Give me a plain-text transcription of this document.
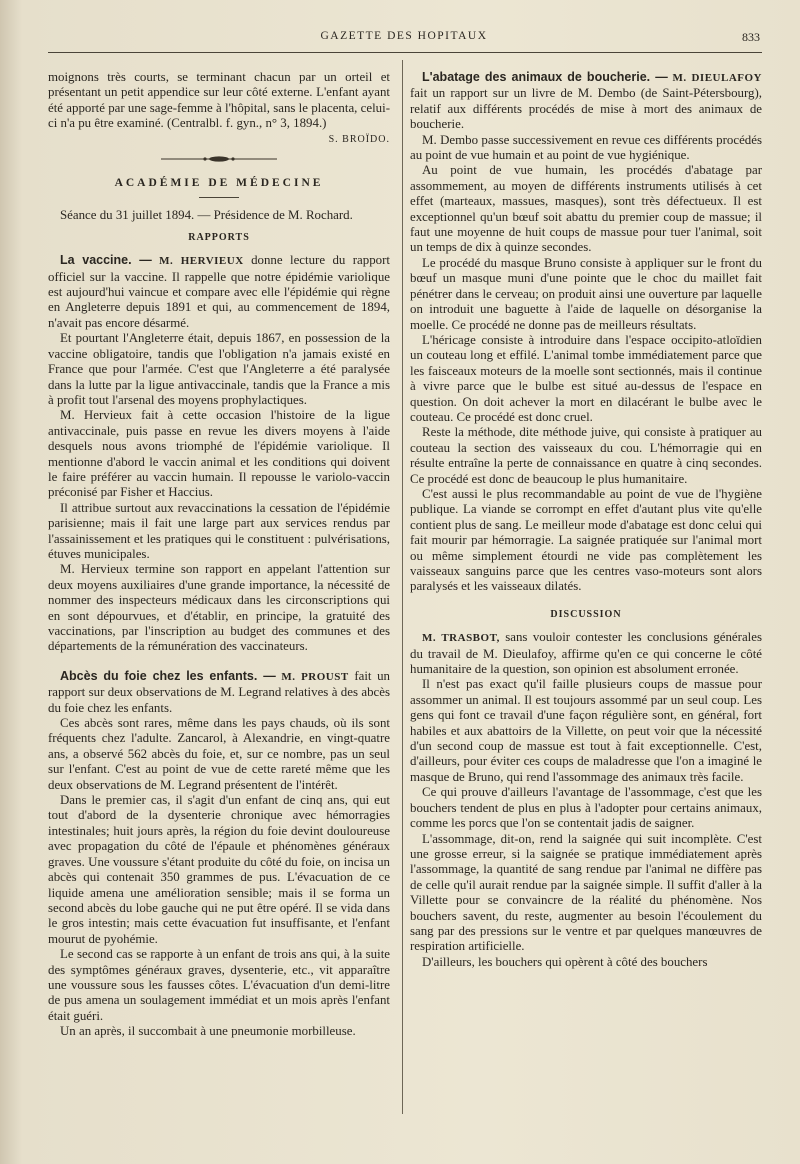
GAZETTE DES HOPITAUX	833

moignons très courts, se terminant chacun par un orteil et présentant un petit appendice sur leur côté externe. L'enfant ayant été apporté par une sage-femme à l'hôpital, sans le placenta, celui-ci n'a pu être examiné. (Centralbl. f. gyn., n° 3, 1894.)

S. BROÏDO.
ACADÉMIE DE MÉDECINE

Séance du 31 juillet 1894. — Présidence de M. Rochard.

RAPPORTS

La vaccine. — M. HERVIEUX donne lecture du rapport officiel sur la vaccine. Il rappelle que notre épidémie variolique est aujourd'hui vaincue et compare avec elle l'épidémie qui règne en Angleterre depuis 1891 et qui, au commencement de 1894, n'avait pas encore désarmé.

Et pourtant l'Angleterre était, depuis 1867, en possession de la vaccine obligatoire, tandis que l'obligation n'a jamais existé en France que pour l'armée. C'est que l'Angleterre a été paralysée dans la lutte par la ligue antivaccinale, tandis que la France a mis à profit tout l'arsenal des moyens prophylactiques.

M. Hervieux fait à cette occasion l'histoire de la ligue antivaccinale, puis passe en revue les divers moyens à l'aide desquels nous avons triomphé de l'épidémie variolique. Il mentionne d'abord le vaccin animal et les conditions qui doivent le faire préférer au vaccin humain. Il repousse le variolo-vaccin préconisé par Fisher et Haccius.

Il attribue surtout aux revaccinations la cessation de l'épidémie parisienne; mais il fait une large part aux services rendus par l'assainissement et les pratiques qui le constituent : pulvérisations, étuves municipales.

M. Hervieux termine son rapport en appelant l'attention sur deux moyens auxiliaires d'une grande importance, la nécessité de nommer des inspecteurs médicaux dans les circonscriptions qui en sont dépourvues, et d'établir, en principe, la gratuité des vaccinations, par l'inscription au budget des communes et des départements de la rémunération des vaccinateurs.

Abcès du foie chez les enfants. — M. PROUST fait un rapport sur deux observations de M. Legrand relatives à des abcès du foie chez les enfants.

Ces abcès sont rares, même dans les pays chauds, où ils sont fréquents chez l'adulte. Zancarol, à Alexandrie, en vingt-quatre ans, a observé 562 abcès du foie, et, sur ce nombre, pas un seul sur l'enfant. C'est au point de vue de cette rareté même que les deux observations de M. Legrand présentent de l'intérêt.

Dans le premier cas, il s'agit d'un enfant de cinq ans, qui eut tout d'abord de la dysenterie chronique avec hémorragies intestinales; huit jours après, la région du foie devint douloureuse avec propagation du côté de l'épaule et phénomènes généraux graves. Une voussure s'étant produite du côté du foie, on incisa un abcès qui contenait 350 grammes de pus. L'évacuation de ce liquide amena une amélioration sensible; mais il se forma un second abcès du lobe gauche qui ne put être opéré. Il se vida dans le gros intestin; mais cette évacuation fut insuffisante, et l'enfant mourut de pyohémie.

Le second cas se rapporte à un enfant de trois ans qui, à la suite des symptômes généraux graves, dysenterie, etc., vit apparaître une voussure sous les fausses côtes. L'évacuation d'un demi-litre de pus amena un soulagement immédiat et un mois après l'enfant était guéri.

Un an après, il succombait à une pneumonie morbilleuse.

L'abatage des animaux de boucherie. — M. DIEULAFOY fait un rapport sur un livre de M. Dembo (de Saint-Pétersbourg), relatif aux différents procédés de mise à mort des animaux de boucherie.

M. Dembo passe successivement en revue ces différents procédés au point de vue humain et au point de vue hygiénique.

Au point de vue humain, les procédés d'abatage par assommement, au moyen de différents instruments utilisés à cet effet (marteaux, massues, masques), sont très défectueux. Il est exceptionnel qu'un bœuf soit abattu du premier coup de massue; il faut une moyenne de huit coups de massue pour tuer l'animal, soit un temps de dix à quinze secondes.

Le procédé du masque Bruno consiste à appliquer sur le front du bœuf un masque muni d'une pointe que le choc du maillet fait pénétrer dans le cerveau; on produit ainsi une ouverture par laquelle on introduit une baguette à l'aide de laquelle on désorganise la moelle. Ce procédé ne donne pas de meilleurs résultats.

L'héricage consiste à introduire dans l'espace occipito-atloïdien un couteau long et effilé. L'animal tombe immédiatement parce que les faisceaux moteurs de la moelle sont sectionnés, mais il continue à vivre parce que le bulbe est situé au-dessus de l'espace en question. On doit achever la mort en dilacérant le bulbe avec le couteau. Ce procédé est donc cruel.

Reste la méthode, dite méthode juive, qui consiste à pratiquer au couteau la section des vaisseaux du cou. L'hémorragie qui en résulte entraîne la perte de connaissance en quatre à cinq secondes. Ce procédé est donc de beaucoup le plus humanitaire.

C'est aussi le plus recommandable au point de vue de l'hygiène publique. La viande se corrompt en effet d'autant plus vite qu'elle contient plus de sang. Le meilleur mode d'abatage est donc celui qui fait mourir par hémorragie. La saignée pratiquée sur l'animal mort ou même simplement étourdi ne vide pas complètement les vaisseaux sanguins parce que les centres vaso-moteurs sont alors paralysés et les vaisseaux dilatés.

DISCUSSION

M. TRASBOT, sans vouloir contester les conclusions générales du travail de M. Dieulafoy, affirme qu'en ce qui concerne le côté humanitaire de la question, son opinion est absolument erronée.

Il n'est pas exact qu'il faille plusieurs coups de massue pour assommer un animal. Il est toujours assommé par un seul coup. Les gens qui font ce travail d'une façon régulière sont, en général, fort habiles et aux abattoirs de la Villette, on peut voir que la nécessité d'un second coup de massue est tout à fait exceptionnelle. C'est, d'ailleurs, pour éviter ces coups de maladresse que l'on a imaginé le masque de Bruno, qui rend l'assommage des animaux très facile.

Ce qui prouve d'ailleurs l'avantage de l'assommage, c'est que les bouchers tendent de plus en plus à l'adopter pour certains animaux, comme les porcs que l'on se contentait jadis de saigner.

L'assommage, dit-on, rend la saignée qui suit incomplète. C'est une grosse erreur, si la saignée se pratique immédiatement après l'assommage, la quantité de sang rendue par l'animal ne diffère pas de celle qu'il aurait rendue par la saignée simple. Il suffit d'aller à la Villette pour se convaincre de la réalité du phénomène. Nos bouchers savent, du reste, augmenter au besoin l'écoulement du sang par des pressions sur le ventre et par quelques manœuvres de respiration artificielle.

D'ailleurs, les bouchers qui opèrent à côté des bouchers
